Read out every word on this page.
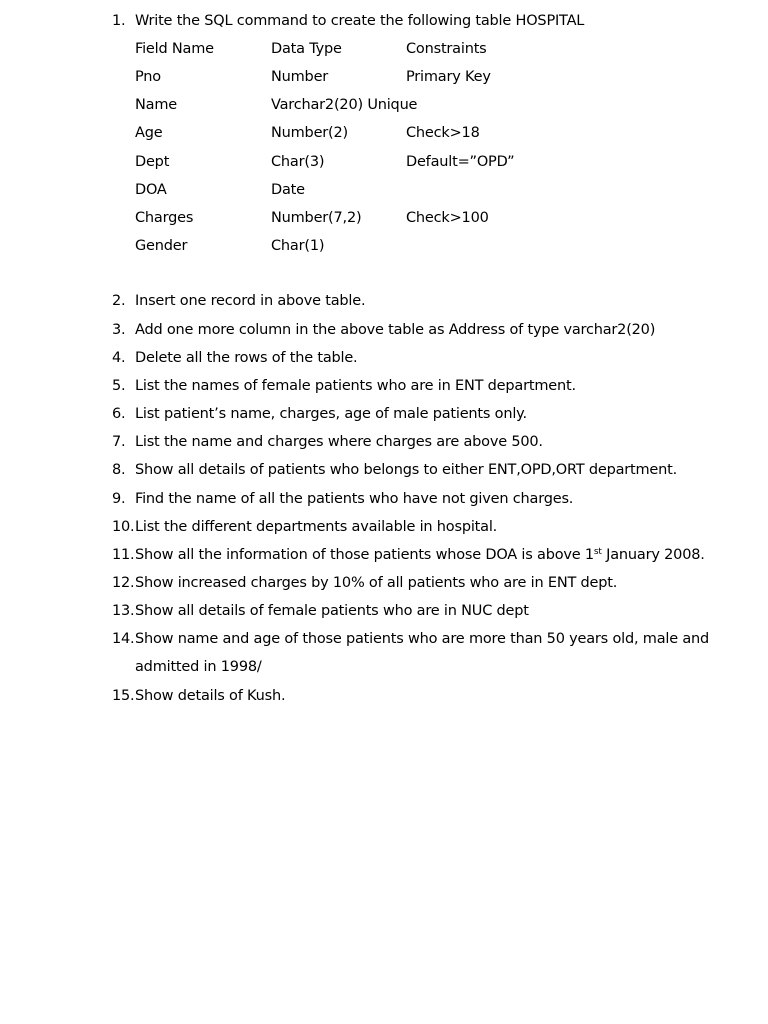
1. Write the SQL command to create the following table HOSPITAL
Field Name	Data Type	Constraints
Pno	Number	Primary Key
Name	Varchar2(20) Unique
Age	Number(2)	Check>18
Dept	Char(3)	Default=”OPD”
DOA	Date
Charges	Number(7,2)	Check>100
Gender	Char(1)
2. Insert one record in above table.
3. Add one more column in the above table as Address of type varchar2(20)
4. Delete all the rows of the table.
5. List the names of female patients who are in ENT department.
6. List patient’s name, charges, age of male patients only.
7. List the name and charges where charges are above 500.
8. Show all details of patients who belongs to either ENT,OPD,ORT department.
9. Find the name of all the patients who have not given charges.
10. List the different departments available in hospital.
11. Show all the information of those patients whose DOA is above 1st January 2008.
12. Show increased charges by 10% of all patients who are in ENT dept.
13. Show all details of female patients who are in NUC dept
14. Show name and age of those patients who are more than 50 years old, male and
admitted in 1998/
15. Show details of Kush.
